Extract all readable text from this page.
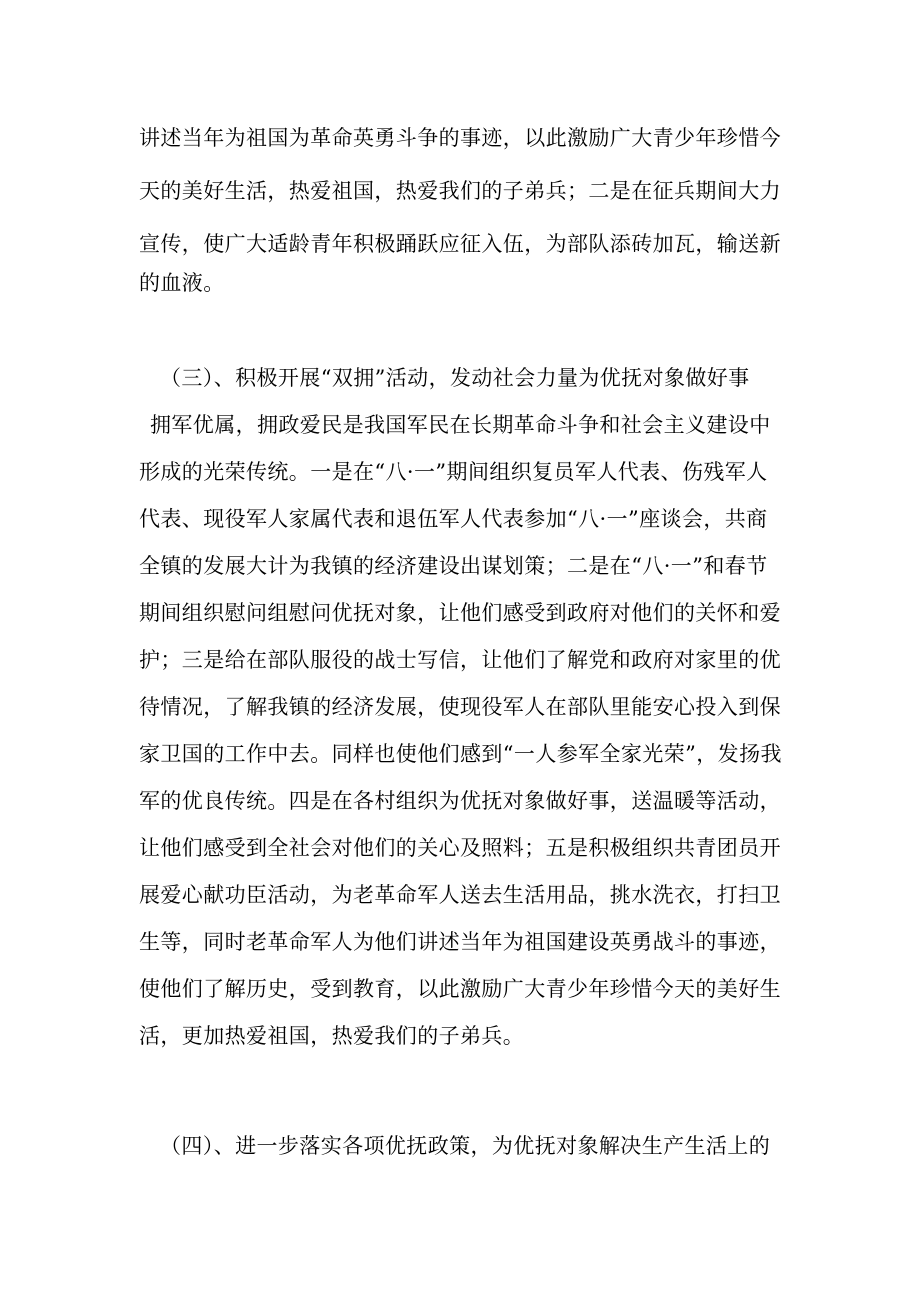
讲述当年为祖国为革命英勇斗争的事迹，以此激励广大青少年珍惜今
天的美好生活，热爱祖国，热爱我们的子弟兵；二是在征兵期间大力
宣传，使广大适龄青年积极踊跃应征入伍，为部队添砖加瓦，输送新
的血液。
（三）、积极开展“双拥”活动，发动社会力量为优抚对象做好事
拥军优属，拥政爱民是我国军民在长期革命斗争和社会主义建设中
形成的光荣传统。一是在“八·一”期间组织复员军人代表、伤残军人
代表、现役军人家属代表和退伍军人代表参加“八·一”座谈会，共商
全镇的发展大计为我镇的经济建设出谋划策；二是在“八·一”和春节
期间组织慰问组慰问优抚对象，让他们感受到政府对他们的关怀和爱
护；三是给在部队服役的战士写信，让他们了解党和政府对家里的优
待情况，了解我镇的经济发展，使现役军人在部队里能安心投入到保
家卫国的工作中去。同样也使他们感到“一人参军全家光荣”，发扬我
军的优良传统。四是在各村组织为优抚对象做好事，送温暖等活动，
让他们感受到全社会对他们的关心及照料；五是积极组织共青团员开
展爱心献功臣活动，为老革命军人送去生活用品，挑水洗衣，打扫卫
生等，同时老革命军人为他们讲述当年为祖国建设英勇战斗的事迹，
使他们了解历史，受到教育，以此激励广大青少年珍惜今天的美好生
活，更加热爱祖国，热爱我们的子弟兵。
（四）、进一步落实各项优抚政策，为优抚对象解决生产生活上的
